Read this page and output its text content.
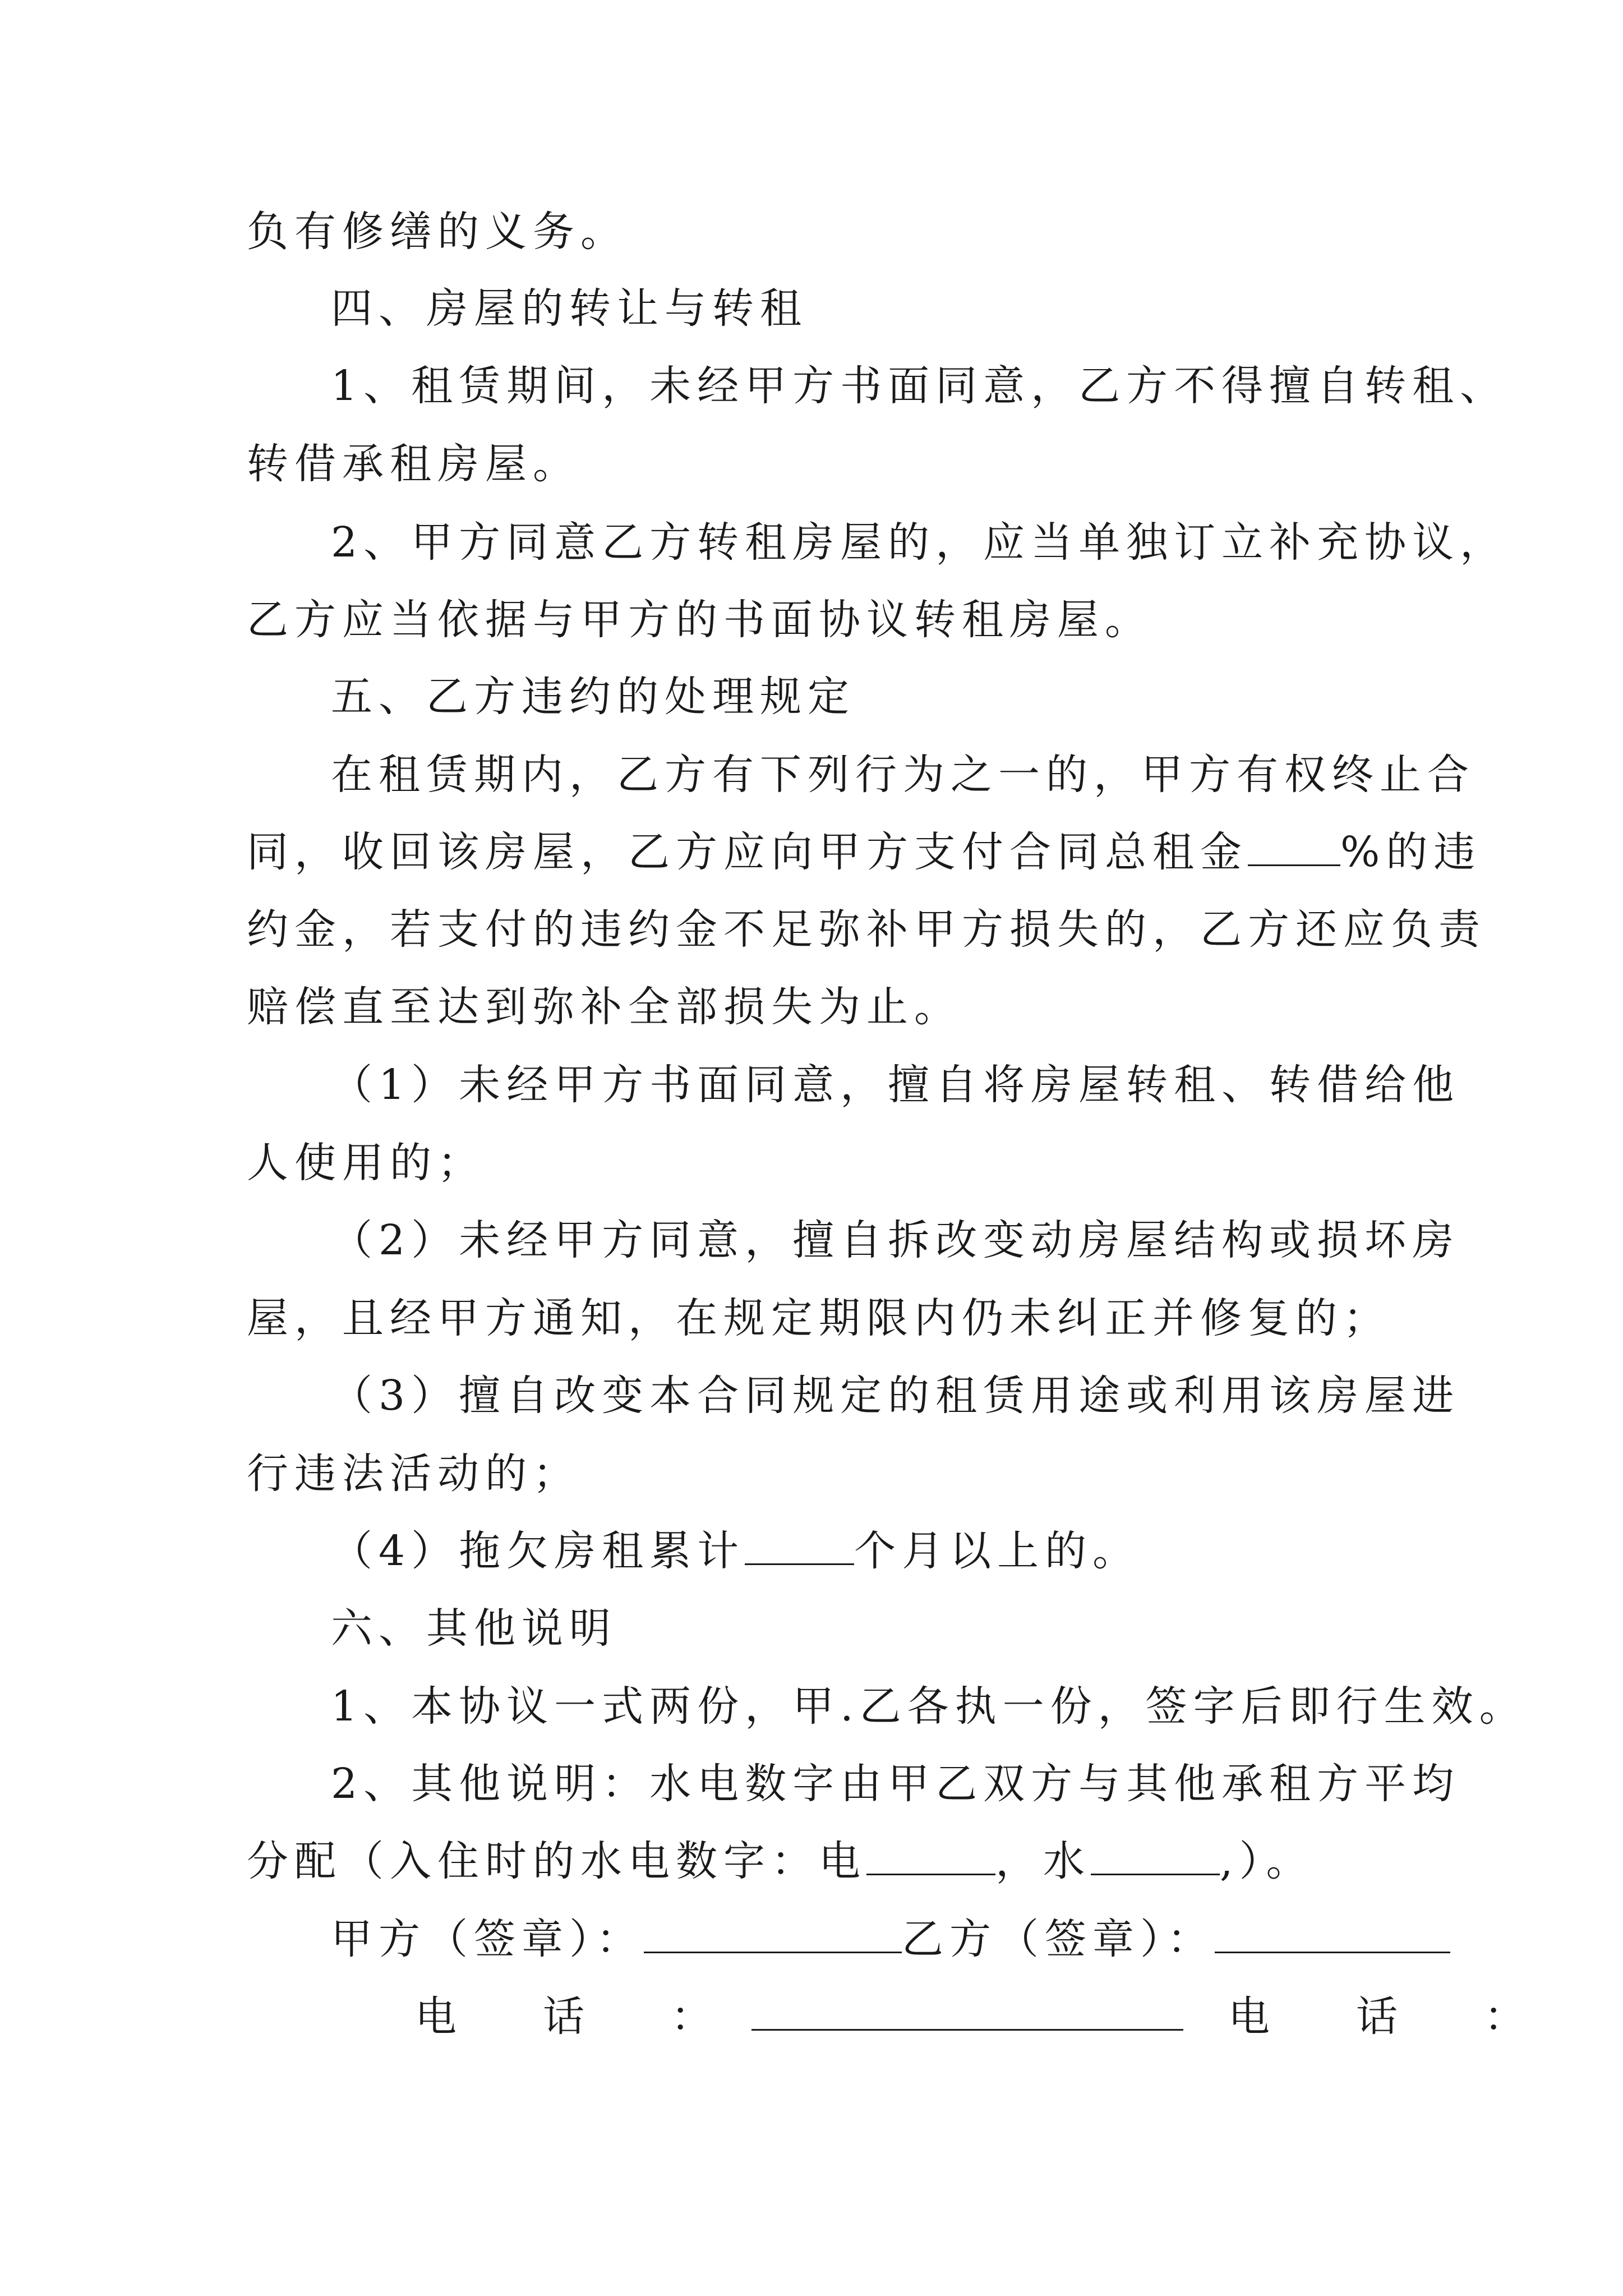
负有修缮的义务。
四、房屋的转让与转租
1、租赁期间，未经甲方书面同意，乙方不得擅自转租、
转借承租房屋。
2、甲方同意乙方转租房屋的，应当单独订立补充协议，
乙方应当依据与甲方的书面协议转租房屋。
五、乙方违约的处理规定
在租赁期内，乙方有下列行为之一的，甲方有权终止合
同，收回该房屋，乙方应向甲方支付合同总租金 %的违
约金，若支付的违约金不足弥补甲方损失的，乙方还应负责
赔偿直至达到弥补全部损失为止。
（1）未经甲方书面同意，擅自将房屋转租、转借给他
人使用的；
（2）未经甲方同意，擅自拆改变动房屋结构或损坏房
屋，且经甲方通知，在规定期限内仍未纠正并修复的；
（3）擅自改变本合同规定的租赁用途或利用该房屋进
行违法活动的；
（4）拖欠房租累计	个月以上的。
六、其他说明
1、本协议一式两份，甲.乙各执一份，签字后即行生效。
2、其他说明：水电数字由甲乙双方与其他承租方平均
分配（入住时的水电数字：电	，水	,）。
甲方（签章）：	乙方（签章）：
电　话　：	电　话　：
